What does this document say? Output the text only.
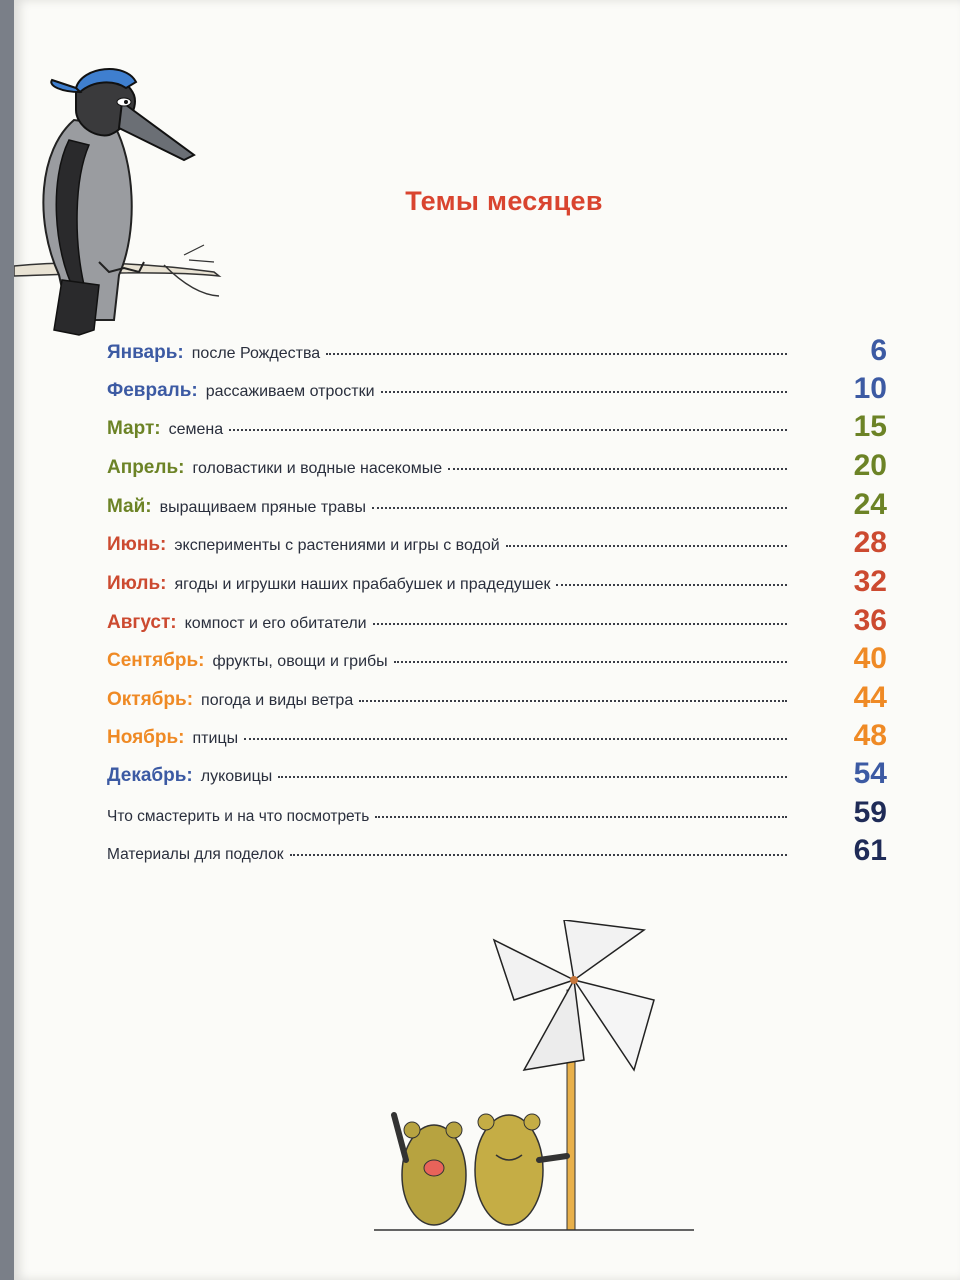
Темы месяцев
Январь: после Рождества	6
Февраль: рассаживаем отростки	10
Март: семена	15
Апрель: головастики и водные насекомые	20
Май: выращиваем пряные травы	24
Июнь: эксперименты с растениями и игры с водой	28
Июль: ягоды и игрушки наших прабабушек и прадедушек	32
Август: компост и его обитатели	36
Сентябрь: фрукты, овощи и грибы	40
Октябрь: погода и виды ветра	44
Ноябрь: птицы	48
Декабрь: луковицы	54
Что смастерить и на что посмотреть	59
Материалы для поделок	61
